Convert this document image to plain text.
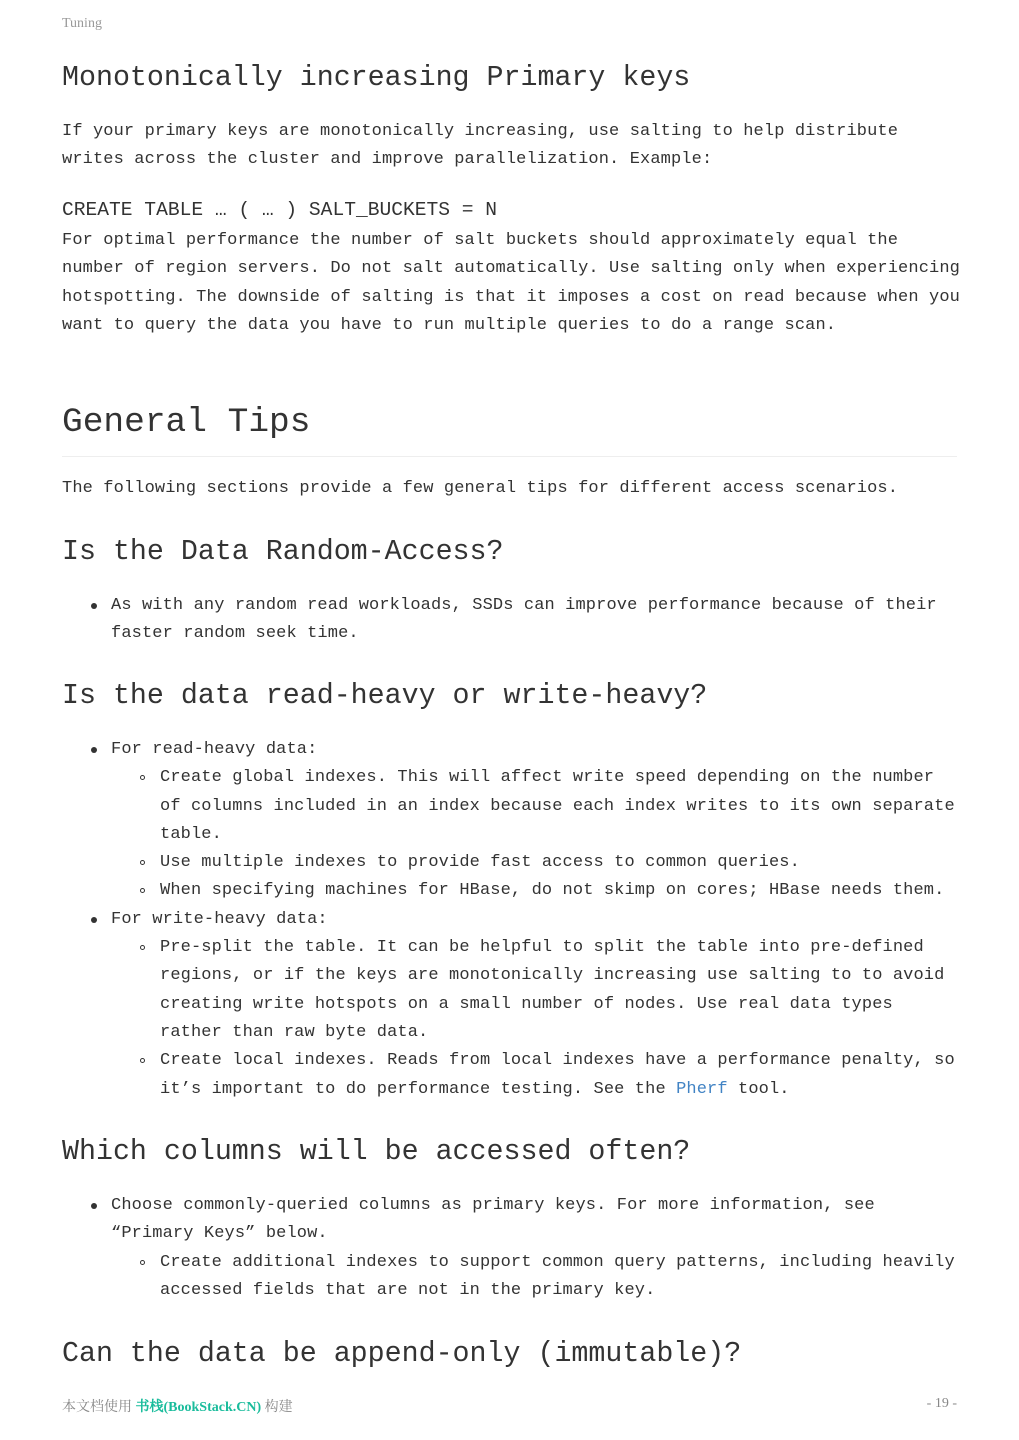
Tuning
Monotonically increasing Primary keys

If your primary keys are monotonically increasing, use salting to help distribute writes across the cluster and improve parallelization. Example:

CREATE TABLE … ( … ) SALT_BUCKETS = N

For optimal performance the number of salt buckets should approximately equal the number of region servers. Do not salt automatically. Use salting only when experiencing hotspotting. The downside of salting is that it imposes a cost on read because when you want to query the data you have to run multiple queries to do a range scan.

General Tips

The following sections provide a few general tips for different access scenarios.

Is the Data Random-Access?
As with any random read workloads, SSDs can improve performance because of their faster random seek time.
Is the data read-heavy or write-heavy?
For read-heavy data:
Create global indexes. This will affect write speed depending on the number of columns included in an index because each index writes to its own separate table.
Use multiple indexes to provide fast access to common queries.
When specifying machines for HBase, do not skimp on cores; HBase needs them.
For write-heavy data:
Pre-split the table. It can be helpful to split the table into pre-defined regions, or if the keys are monotonically increasing use salting to to avoid creating write hotspots on a small number of nodes. Use real data types rather than raw byte data.
Create local indexes. Reads from local indexes have a performance penalty, so it’s important to do performance testing. See the Pherf tool.
Which columns will be accessed often?
Choose commonly-queried columns as primary keys. For more information, see “Primary Keys” below.
Create additional indexes to support common query patterns, including heavily accessed fields that are not in the primary key.
Can the data be append-only (immutable)?
本文档使用 书栈(BookStack.CN) 构建	- 19 -
